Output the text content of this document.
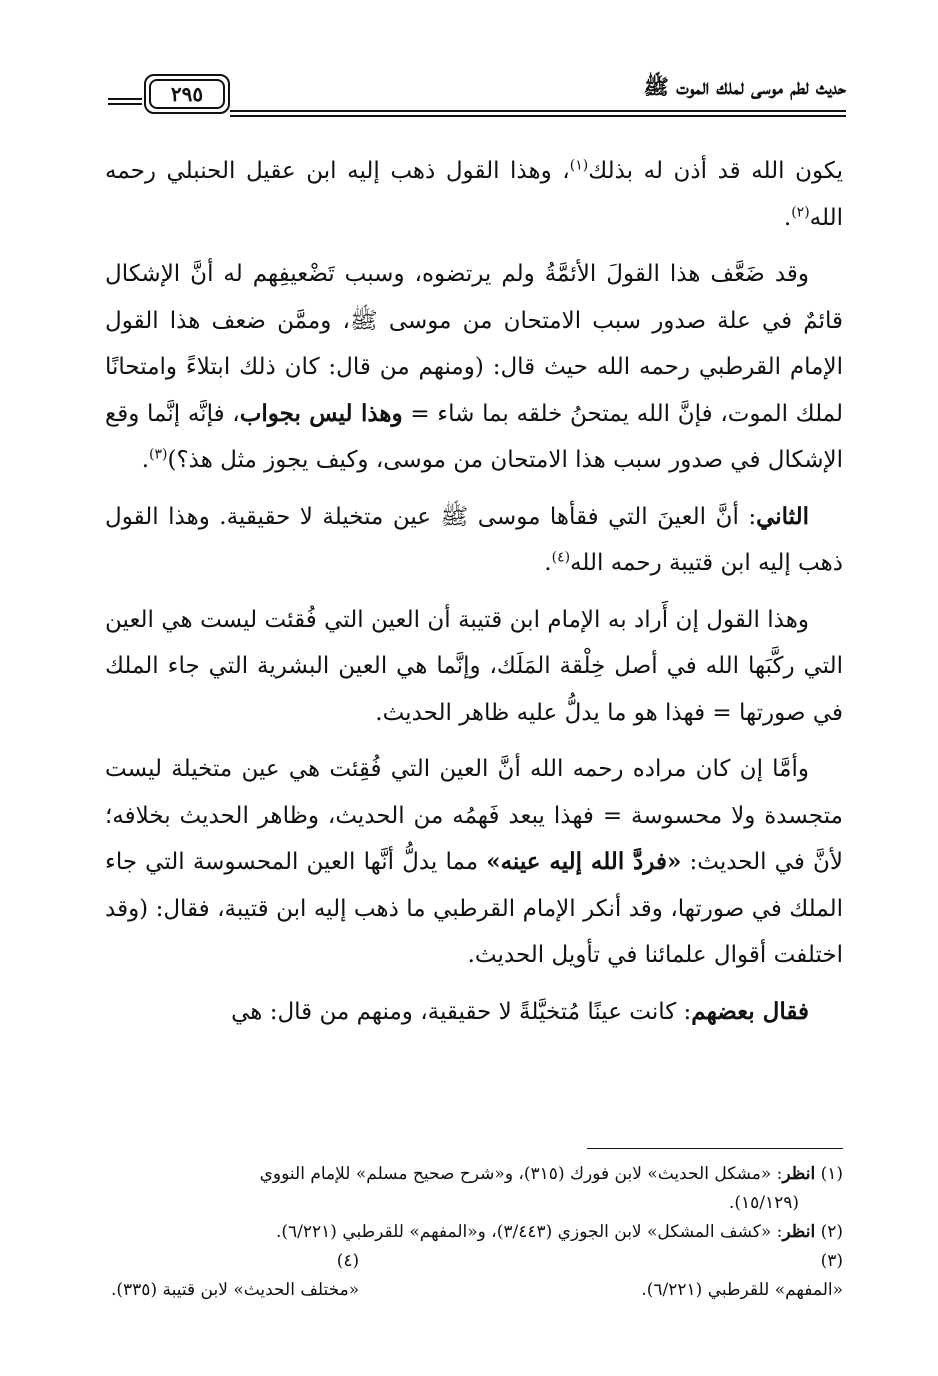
حديث لطم موسى لملك الموت ﷺ
٢٩٥

يكون الله قد أذن له بذلك$^{(١)}$، وهذا القول ذهب إليه ابن عقيل الحنبلي رحمه الله$^{(٢)}$.

وقد ضَعَّف هذا القولَ الأئمَّةُ ولم يرتضوه، وسبب تَضْعيفِهم له أنَّ الإشكال قائمٌ في علة صدور سبب الامتحان من موسى ﷺ، وممَّن ضعف هذا القول الإمام القرطبي رحمه الله حيث قال: (ومنهم من قال: كان ذلك ابتلاءً وامتحانًا لملك الموت، فإنَّ الله يمتحنُ خلقه بما شاء = وهذا ليس بجواب، فإنَّه إنَّما وقع الإشكال في صدور سبب هذا الامتحان من موسى، وكيف يجوز مثل هذ؟)$^{(٣)}$.

الثاني: أنَّ العينَ التي فقأها موسى ﷺ عين متخيلة لا حقيقية. وهذا القول ذهب إليه ابن قتيبة رحمه الله$^{(٤)}$.

وهذا القول إن أَراد به الإمام ابن قتيبة أن العين التي فُقئت ليست هي العين التي ركَّبَها الله في أصل خِلْقة المَلَك، وإنَّما هي العين البشرية التي جاء الملك في صورتها = فهذا هو ما يدلُّ عليه ظاهر الحديث.

وأمَّا إن كان مراده رحمه الله أنَّ العين التي فُقِئت هي عين متخيلة ليست متجسدة ولا محسوسة = فهذا يبعد فَهمُه من الحديث، وظاهر الحديث بخلافه؛ لأنَّ في الحديث: «فردَّ الله إليه عينه» مما يدلُّ أنَّها العين المحسوسة التي جاء الملك في صورتها، وقد أنكر الإمام القرطبي ما ذهب إليه ابن قتيبة، فقال: (وقد اختلفت أقوال علمائنا في تأويل الحديث.

فقال بعضهم: كانت عينًا مُتخيَّلةً لا حقيقية، ومنهم من قال: هي

(١) انظر: «مشكل الحديث» لابن فورك (٣١٥)، و«شرح صحيح مسلم» للإمام النووي

(١٥/١٢٩).

(٢) انظر: «كشف المشكل» لابن الجوزي (٣/٤٤٣)، و«المفهم» للقرطبي (٦/٢٢١).

(٣)
«المفهم» للقرطبي (٦/٢٢١).
(٤)
«مختلف الحديث» لابن قتيبة (٣٣٥).
